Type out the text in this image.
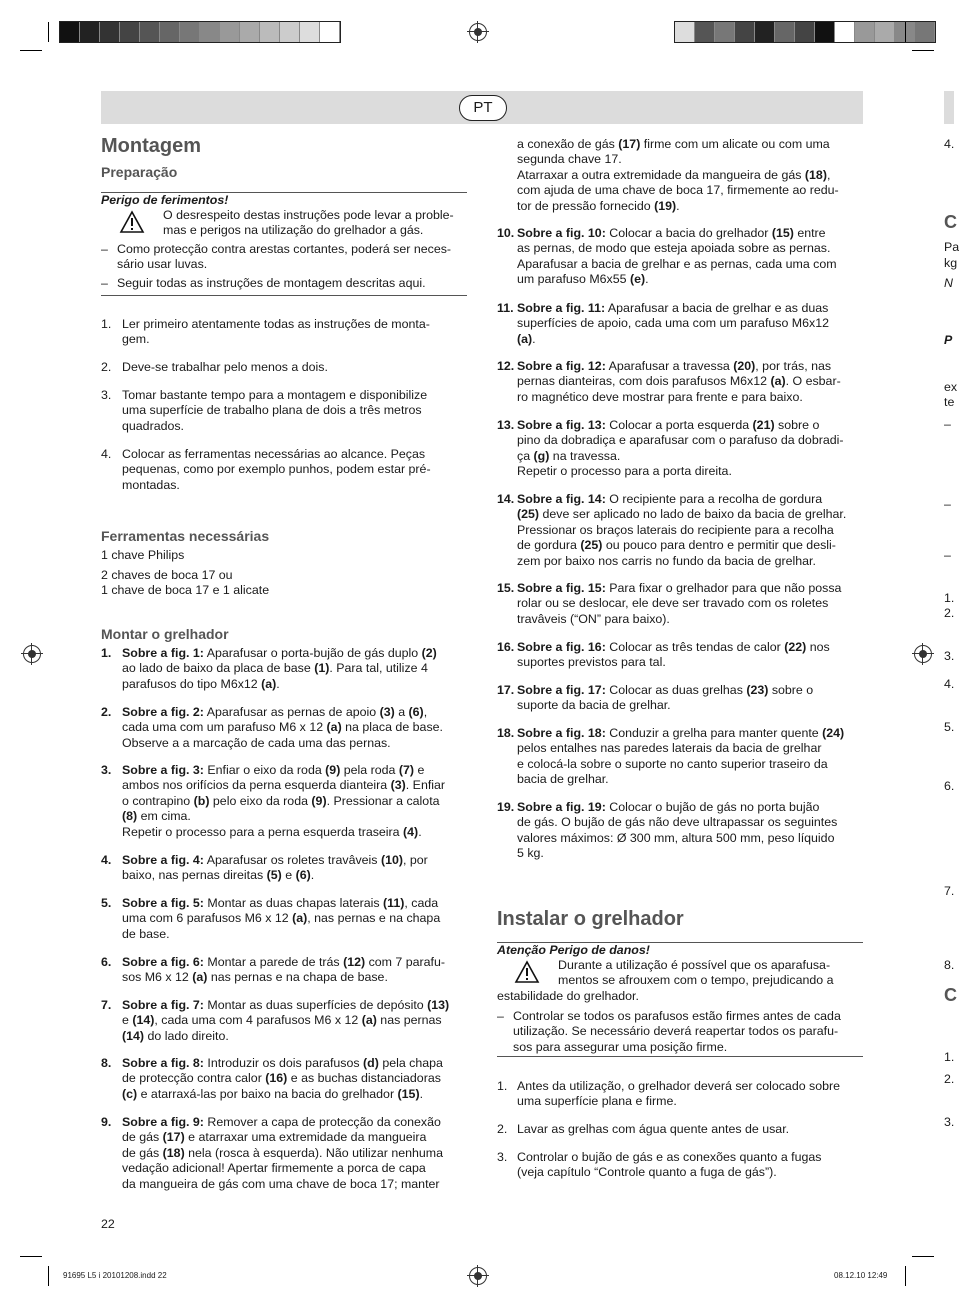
PT
Montagem
Preparação
Perigo de ferimentos!
O desrespeito destas instruções pode levar a proble-
mas e perigos na utilização do grelhador a gás.
– Como protecção contra arestas cortantes, poderá ser neces-
sário usar luvas.
– Seguir todas as instruções de montagem descritas aqui.
1. Ler primeiro atentamente todas as instruções de monta-
gem.
2. Deve-se trabalhar pelo menos a dois.
3. Tomar bastante tempo para a montagem e disponibilize
uma superfície de trabalho plana de dois a três metros
quadrados.
4. Colocar as ferramentas necessárias ao alcance. Peças
pequenas, como por exemplo punhos, podem estar pré-
montadas.
Ferramentas necessárias
1 chave Philips
2 chaves de boca 17 ou
1 chave de boca 17 e 1 alicate
Montar o grelhador
1. Sobre a fig. 1: Aparafusar o porta-bujão de gás duplo (2)
ao lado de baixo da placa de base (1). Para tal, utilize 4
parafusos do tipo M6x12 (a).
2. Sobre a fig. 2: Aparafusar as pernas de apoio (3) a (6),
cada uma com um parafuso M6 x 12 (a) na placa de base.
Observe a a marcação de cada uma das pernas.
3. Sobre a fig. 3: Enfiar o eixo da roda (9) pela roda (7) e
ambos nos orifícios da perna esquerda dianteira (3). Enfiar
o contrapino (b) pelo eixo da roda (9). Pressionar a calota
(8) em cima.
Repetir o processo para a perna esquerda traseira (4).
4. Sobre a fig. 4: Aparafusar os roletes travâveis (10), por
baixo, nas pernas direitas (5) e (6).
5. Sobre a fig. 5: Montar as duas chapas laterais (11), cada
uma com 6 parafusos M6 x 12 (a), nas pernas e na chapa
de base.
6. Sobre a fig. 6: Montar a parede de trás (12) com 7 parafu-
sos M6 x 12 (a) nas pernas e na chapa de base.
7. Sobre a fig. 7: Montar as duas superfícies de depósito (13)
e (14), cada uma com 4 parafusos M6 x 12 (a) nas pernas
(14) do lado direito.
8. Sobre a fig. 8: Introduzir os dois parafusos (d) pela chapa
de protecção contra calor (16) e as buchas distanciadoras
(c) e atarraxá-las por baixo na bacia do grelhador (15).
9. Sobre a fig. 9: Remover a capa de protecção da conexão
de gás (17) e atarraxar uma extremidade da mangueira
de gás (18) nela (rosca à esquerda). Não utilizar nenhuma
vedação adicional! Apertar firmemente a porca de capa
da mangueira de gás com uma chave de boca 17; manter
a conexão de gás (17) firme com um alicate ou com uma
segunda chave 17.
Atarraxar a outra extremidade da mangueira de gás (18),
com ajuda de uma chave de boca 17, firmemente ao redu-
tor de pressão fornecido (19).
10. Sobre a fig. 10: Colocar a bacia do grelhador (15) entre
as pernas, de modo que esteja apoiada sobre as pernas.
Aparafusar a bacia de grelhar e as pernas, cada uma com
um parafuso M6x55 (e).
11. Sobre a fig. 11: Aparafusar a bacia de grelhar e as duas
superfícies de apoio, cada uma com um parafuso M6x12
(a).
12. Sobre a fig. 12: Aparafusar a travessa (20), por trás, nas
pernas dianteiras, com dois parafusos M6x12 (a). O esbar-
ro magnético deve mostrar para frente e para baixo.
13. Sobre a fig. 13: Colocar a porta esquerda (21) sobre o
pino da dobradiça e aparafusar com o parafuso da dobradi-
ça (g) na travessa.
Repetir o processo para a porta direita.
14. Sobre a fig. 14: O recipiente para a recolha de gordura
(25) deve ser aplicado no lado de baixo da bacia de grelhar.
Pressionar os braços laterais do recipiente para a recolha
de gordura (25) ou pouco para dentro e permitir que desli-
zem por baixo nos carris no fundo da bacia de grelhar.
15. Sobre a fig. 15: Para fixar o grelhador para que não possa
rolar ou se deslocar, ele deve ser travado com os roletes
travâveis (“ON” para baixo).
16. Sobre a fig. 16: Colocar as três tendas de calor (22) nos
suportes previstos para tal.
17. Sobre a fig. 17: Colocar as duas grelhas (23) sobre o
suporte da bacia de grelhar.
18. Sobre a fig. 18: Conduzir a grelha para manter quente (24)
pelos entalhes nas paredes laterais da bacia de grelhar
e colocá-la sobre o suporte no canto superior traseiro da
bacia de grelhar.
19. Sobre a fig. 19: Colocar o bujão de gás no porta bujão
de gás. O bujão de gás não deve ultrapassar os seguintes
valores máximos: Ø 300 mm, altura 500 mm, peso líquido
5 kg.
Instalar o grelhador
Atenção Perigo de danos!
Durante a utilização é possível que os aparafusa-
mentos se afrouxem com o tempo, prejudicando a
estabilidade do grelhador.
– Controlar se todos os parafusos estão firmes antes de cada
utilização. Se necessário deverá reapertar todos os parafu-
sos para assegurar uma posição firme.
1. Antes da utilização, o grelhador deverá ser colocado sobre
uma superfície plana e firme.
2. Lavar as grelhas com água quente antes de usar.
3. Controlar o bujão de gás e as conexões quanto a fugas
(veja capítulo “Controle quanto a fuga de gás”).
4.
C
Pa
kg
N
P
ex
te
–
–
–
1.
2.
3.
4.
5.
6.
7.
8.
C
1.
2.
3.
22
91695 L5 i 20101208.indd 22	08.12.10 12:49
